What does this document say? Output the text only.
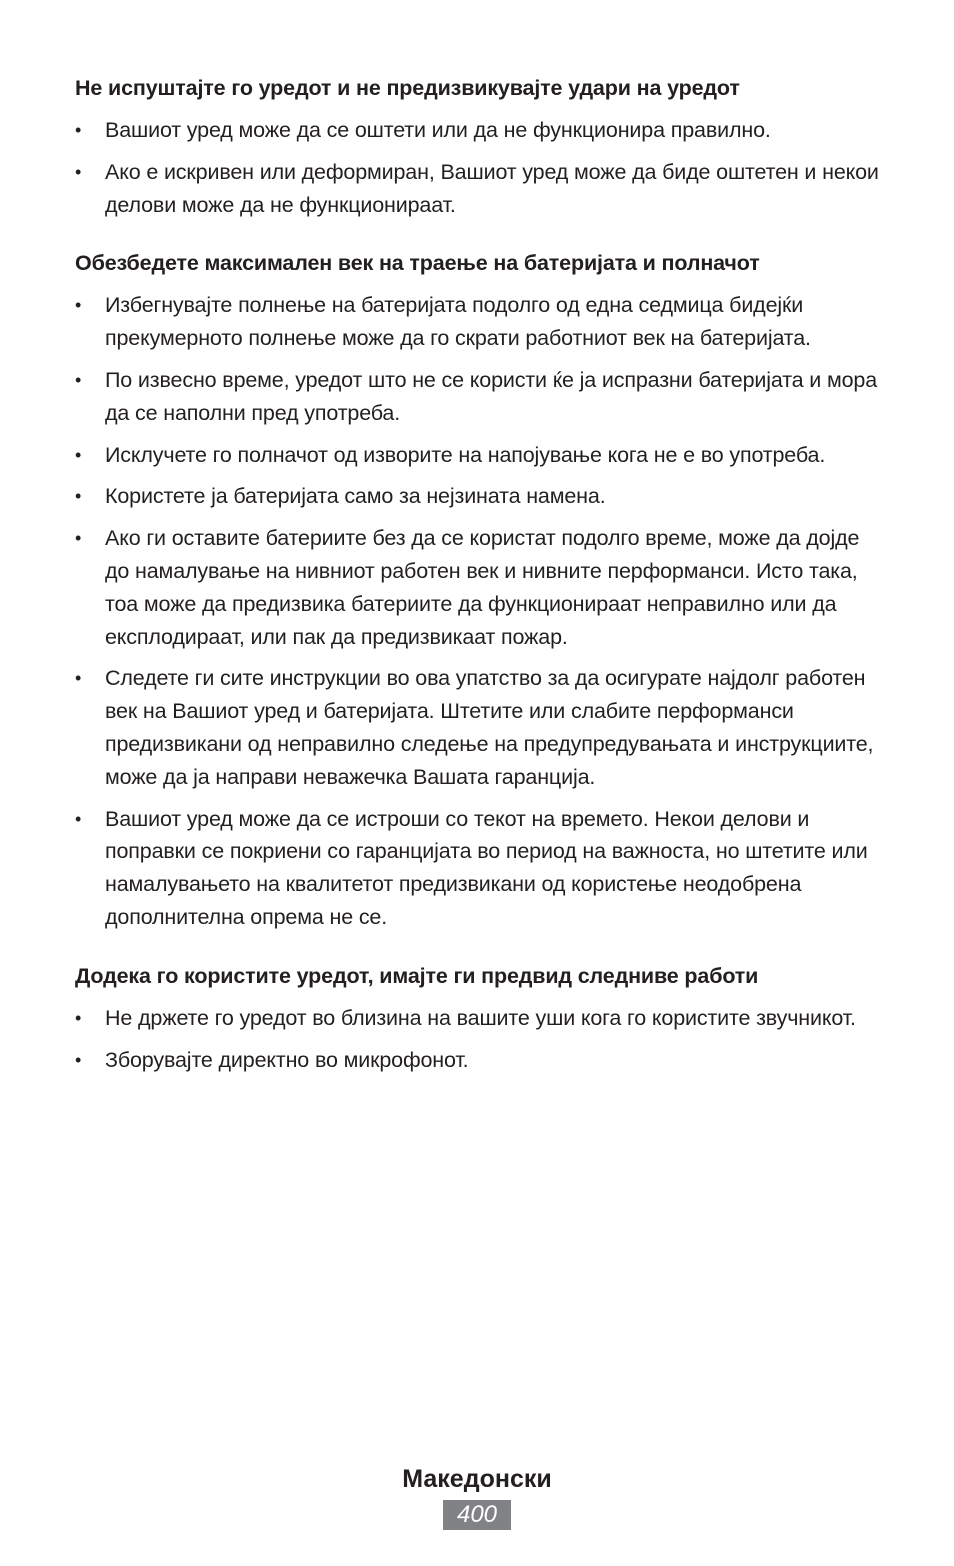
Не испуштајте го уредот и не предизвикувајте удари на уредот
• Вашиот уред може да се оштети или да не функционира правилно.
• Ако е искривен или деформиран, Вашиот уред може да биде оштетен и некои делови може да не функционираат.
Обезбедете максимален век на траење на батеријата и полначот
• Избегнувајте полнење на батеријата подолго од една седмица бидејќи прекумерното полнење може да го скрати работниот век на батеријата.
• По извесно време, уредот што не се користи ќе ја испразни батеријата и мора да се наполни пред употреба.
• Исклучете го полначот од изворите на напојување кога не е во употреба.
• Користете ја батеријата само за нејзината намена.
• Ако ги оставите батериите без да се користат подолго време, може да дојде до намалување на нивниот работен век и нивните перформанси. Исто така, тоа може да предизвика батериите да функционираат неправилно или да експлодираат, или пак да предизвикаат пожар.
• Следете ги сите инструкции во ова упатство за да осигурате најдолг работен век на Вашиот уред и батеријата. Штетите или слабите перформанси предизвикани од неправилно следење на предупредувањата и инструкциите, може да ја направи неважечка Вашата гаранција.
• Вашиот уред може да се истроши со текот на времето. Некои делови и поправки се покриени со гаранцијата во период на важноста, но штетите или намалувањето на квалитетот предизвикани од користење неодобрена дополнителна опрема не се.
Додека го користите уредот, имајте ги предвид следниве работи
• Не држете го уредот во близина на вашите уши кога го користите звучникот.
• Зборувајте директно во микрофонот.
Македонски
400
